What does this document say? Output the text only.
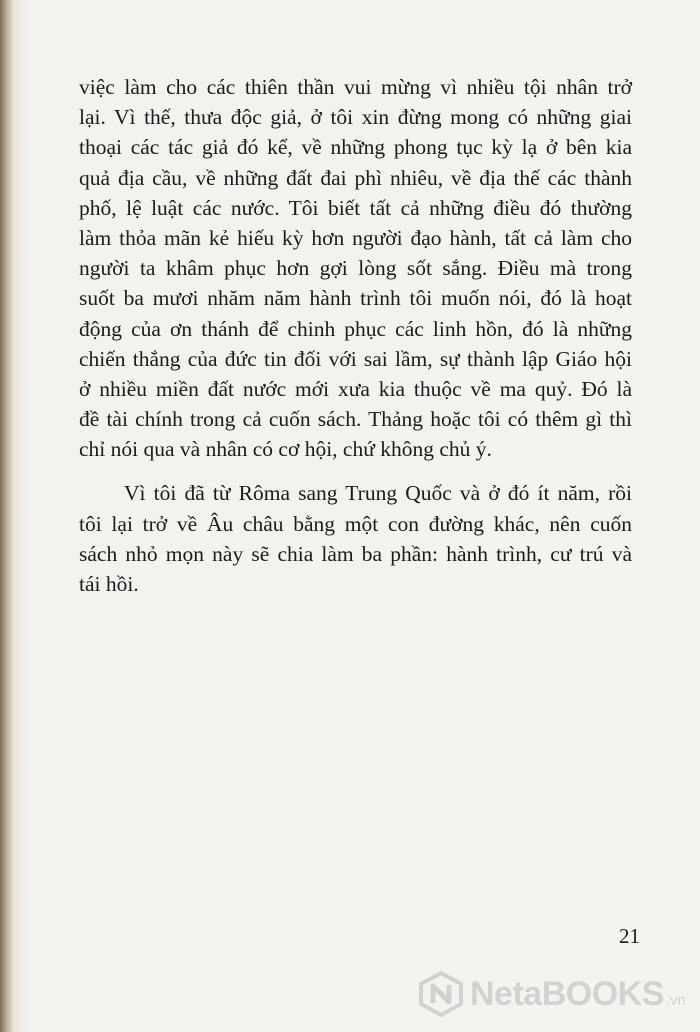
việc làm cho các thiên thần vui mừng vì nhiều tội nhân trở
lại. Vì thế, thưa độc giả, ở tôi xin đừng mong có những giai
thoại các tác giả đó kể, về những phong tục kỳ lạ ở bên kia
quả địa cầu, về những đất đai phì nhiêu, về địa thế các thành
phố, lệ luật các nước. Tôi biết tất cả những điều đó thường
làm thỏa mãn kẻ hiếu kỳ hơn người đạo hành, tất cả làm cho
người ta khâm phục hơn gợi lòng sốt sắng. Điều mà trong
suốt ba mươi nhăm năm hành trình tôi muốn nói, đó là hoạt
động của ơn thánh để chinh phục các linh hồn, đó là những
chiến thắng của đức tin đối với sai lầm, sự thành lập Giáo hội
ở nhiều miền đất nước mới xưa kia thuộc về ma quỷ. Đó là
đề tài chính trong cả cuốn sách. Thảng hoặc tôi có thêm gì thì
chỉ nói qua và nhân có cơ hội, chứ không chủ ý.
Vì tôi đã từ Rôma sang Trung Quốc và ở đó ít năm, rồi
tôi lại trở về Âu châu bằng một con đường khác, nên cuốn
sách nhỏ mọn này sẽ chia làm ba phần: hành trình, cư trú và
tái hồi.
21
NetaBOOKS .vn
